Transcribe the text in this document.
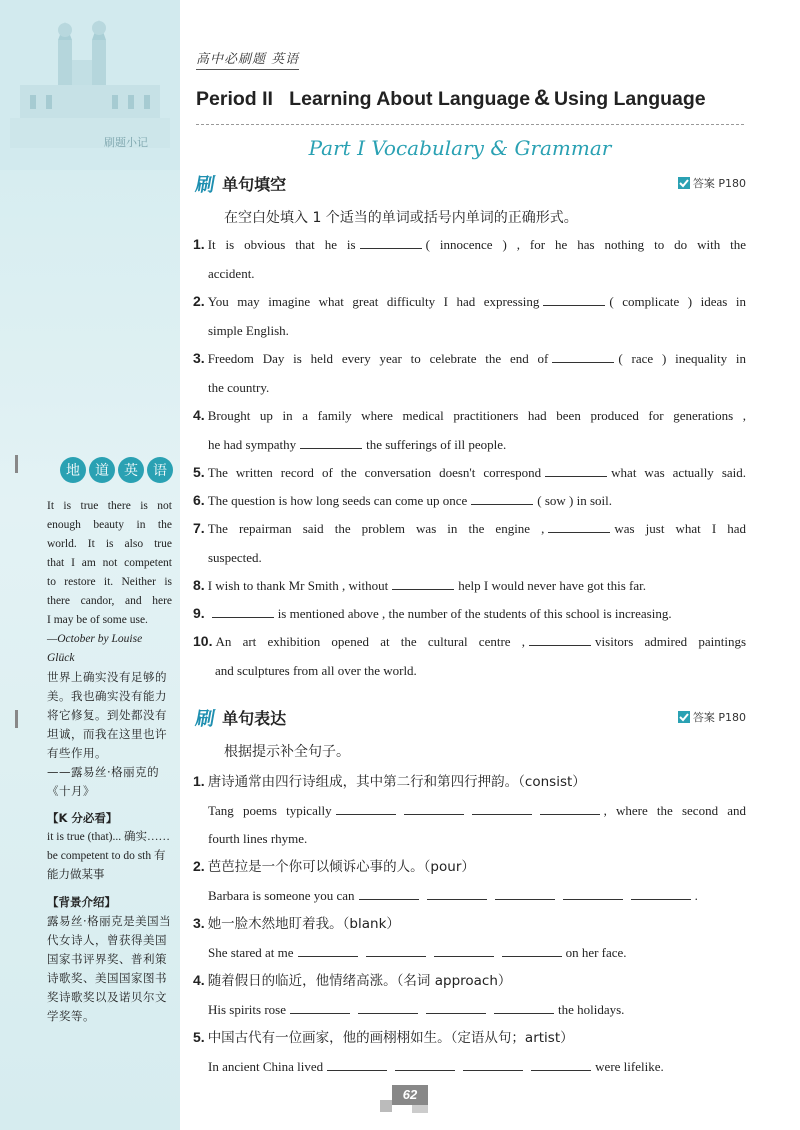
刷题小记
地 道 英 语

It is true there is not

enough beauty in the

world. It is also true

that I am not competent

to restore it. Neither is

there candor, and here

I may be of some use.

—October by Louise Glück

世界上确实没有足够的美。我也确实没有能力将它修复。到处都没有坦诚，而我在这里也许有些作用。

——露易丝·格丽克的《十月》

【K 分必看】

it is true (that)... 确实……

be competent to do sth 有能力做某事

【背景介绍】

露易丝·格丽克是美国当代女诗人，曾获得美国国家书评界奖、普利策诗歌奖、美国国家图书奖诗歌奖以及诺贝尔文学奖等。

高中必刷题 英语
Period II   Learning About Language & Using Language
Part I Vocabulary & Grammar
刷 单句填空	答案 P180
在空白处填入 1 个适当的单词或括号内单词的正确形式。
1. It is obvious that he is	( innocence ) , for he has nothing to do with the
accident.
2. You may imagine what great difficulty I had expressing	( complicate ) ideas in
simple English.
3. Freedom Day is held every year to celebrate the end of	( race ) inequality in
the country.
4. Brought up in a family where medical practitioners had been produced for generations ,
he had sympathy	the sufferings of ill people.
5. The written record of the conversation doesn't correspond	what was actually said.
6. The question is how long seeds can come up once	( sow ) in soil.
7. The repairman said the problem was in the engine ,	was just what I had
suspected.
8. I wish to thank Mr Smith , without	help I would never have got this far.
9.	is mentioned above , the number of the students of this school is increasing.
10. An art exhibition opened at the cultural centre ,	visitors admired paintings
and sculptures from all over the world.
刷 单句表达	答案 P180
根据提示补全句子。
1. 唐诗通常由四行诗组成，其中第二行和第四行押韵。（consist）

Tang poems typically	, where the second and
fourth lines rhyme.
2. 芭芭拉是一个你可以倾诉心事的人。（pour）
Barbara is someone you can	.
3. 她一脸木然地盯着我。（blank）
She stared at me	on her face.
4. 随着假日的临近，他情绪高涨。（名词 approach）
His spirits rose	the holidays.
5. 中国古代有一位画家，他的画栩栩如生。（定语从句；artist）
In ancient China lived	were lifelike.
62
